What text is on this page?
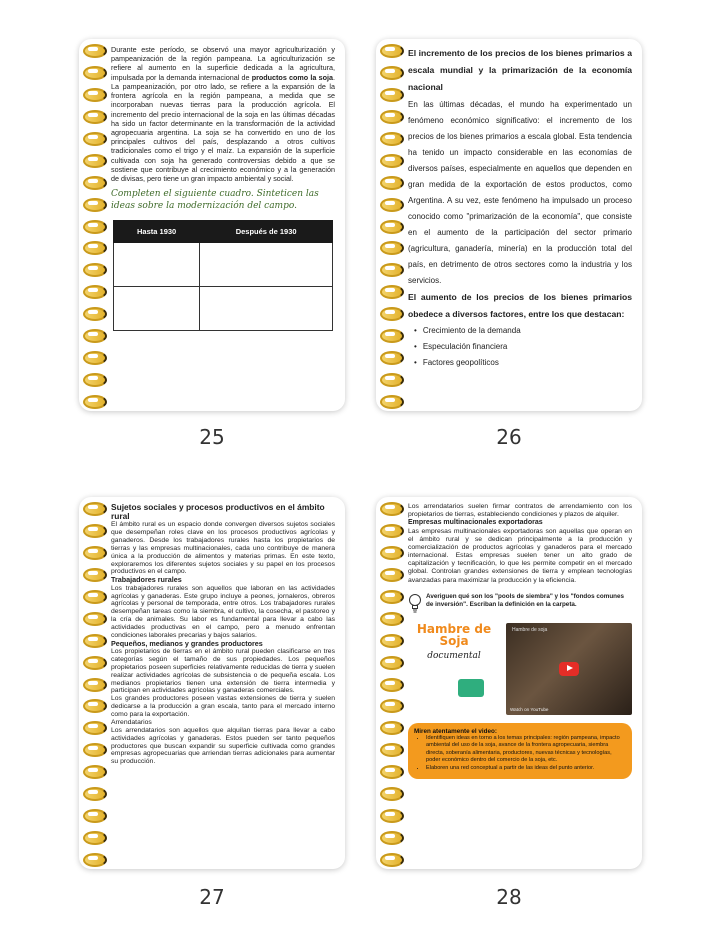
Durante este período, se observó una mayor agriculturización y pampeanización de la región pampeana. La agriculturización se refiere al aumento en la superficie dedicada a la agricultura, impulsada por la demanda internacional de productos como la soja. La pampeanización, por otro lado, se refiere a la expansión de la frontera agrícola en la región pampeana, a medida que se incorporaban nuevas tierras para la producción agrícola. El incremento del precio internacional de la soja en las últimas décadas ha sido un factor determinante en la transformación de la actividad agropecuaria argentina. La soja se ha convertido en uno de los principales cultivos del país, desplazando a otros cultivos tradicionales como el trigo y el maíz. La expansión de la superficie cultivada con soja ha generado controversias debido a que se sostiene que contribuye al crecimiento económico y a la generación de divisas, pero tiene un gran impacto ambiental y social.

Completen el siguiente cuadro. Sinteticen las ideas sobre la modernización del campo.

Hasta 1930	Después de 1930

25

El incremento de los precios de los bienes primarios a escala mundial y la primarización de la economía nacional

En las últimas décadas, el mundo ha experimentado un fenómeno económico significativo: el incremento de los precios de los bienes primarios a escala global. Esta tendencia ha tenido un impacto considerable en las economías de diversos países, especialmente en aquellos que dependen en gran medida de la exportación de estos productos, como Argentina. A su vez, este fenómeno ha impulsado un proceso conocido como "primarización de la economía", que consiste en el aumento de la participación del sector primario (agricultura, ganadería, minería) en la producción total del país, en detrimento de otros sectores como la industria y los servicios.

El aumento de los precios de los bienes primarios obedece a diversos factores, entre los que destacan:

• Crecimiento de la demanda
• Especulación financiera
• Factores geopolíticos
26

Sujetos sociales y procesos productivos en el ámbito rural

El ámbito rural es un espacio donde convergen diversos sujetos sociales que desempeñan roles clave en los procesos productivos agrícolas y ganaderos. Desde los trabajadores rurales hasta los propietarios de tierras y las empresas multinacionales, cada uno contribuye de manera única a la producción de alimentos y materias primas. En este texto, exploraremos los diferentes sujetos sociales y su papel en los procesos productivos en el campo.

Trabajadores rurales

Los trabajadores rurales son aquellos que laboran en las actividades agrícolas y ganaderas. Este grupo incluye a peones, jornaleros, obreros agrícolas y personal de temporada, entre otros. Los trabajadores rurales desempeñan tareas como la siembra, el cultivo, la cosecha, el pastoreo y la cría de animales. Su labor es fundamental para llevar a cabo las actividades productivas en el campo, pero a menudo enfrentan condiciones laborales precarias y bajos salarios.

Pequeños, medianos y grandes productores

Los propietarios de tierras en el ámbito rural pueden clasificarse en tres categorías según el tamaño de sus propiedades. Los pequeños propietarios poseen superficies relativamente reducidas de tierra y suelen realizar actividades agrícolas de subsistencia o de pequeña escala. Los medianos propietarios tienen una extensión de tierra intermedia y participan en actividades agrícolas y ganaderas comerciales.

Los grandes productores poseen vastas extensiones de tierra y suelen dedicarse a la producción a gran escala, tanto para el mercado interno como para la exportación.

Arrendatarios

Los arrendatarios son aquellos que alquilan tierras para llevar a cabo actividades agrícolas y ganaderas. Estos pueden ser tanto pequeños productores que buscan expandir su superficie cultivada como grandes empresas agropecuarias que arriendan tierras adicionales para aumentar su producción.

27

Los arrendatarios suelen firmar contratos de arrendamiento con los propietarios de tierras, estableciendo condiciones y plazos de alquiler.

Empresas multinacionales exportadoras

Las empresas multinacionales exportadoras son aquellas que operan en el ámbito rural y se dedican principalmente a la producción y comercialización de productos agrícolas y ganaderos para el mercado internacional. Estas empresas suelen tener un alto grado de capitalización y tecnificación, lo que les permite competir en el mercado global. Controlan grandes extensiones de tierra y emplean tecnologías avanzadas para maximizar la producción y la eficiencia.

Averiguen qué son los "pools de siembra" y los "fondos comunes de inversión". Escriban la definición en la carpeta.

Hambre de Soja
documental
Hambre de soja
Watch on YouTube
Miren atentamente el video:
• Identifiquen ideas en torno a los temas principales: región pampeana, impacto ambiental del uso de la soja, avance de la frontera agropecuaria, siembra directa, soberanía alimentaria, productores, nuevas técnicas y tecnologías, poder económico dentro del comercio de la soja, etc.
• Elaboren una red conceptual a partir de las ideas del punto anterior.
28
